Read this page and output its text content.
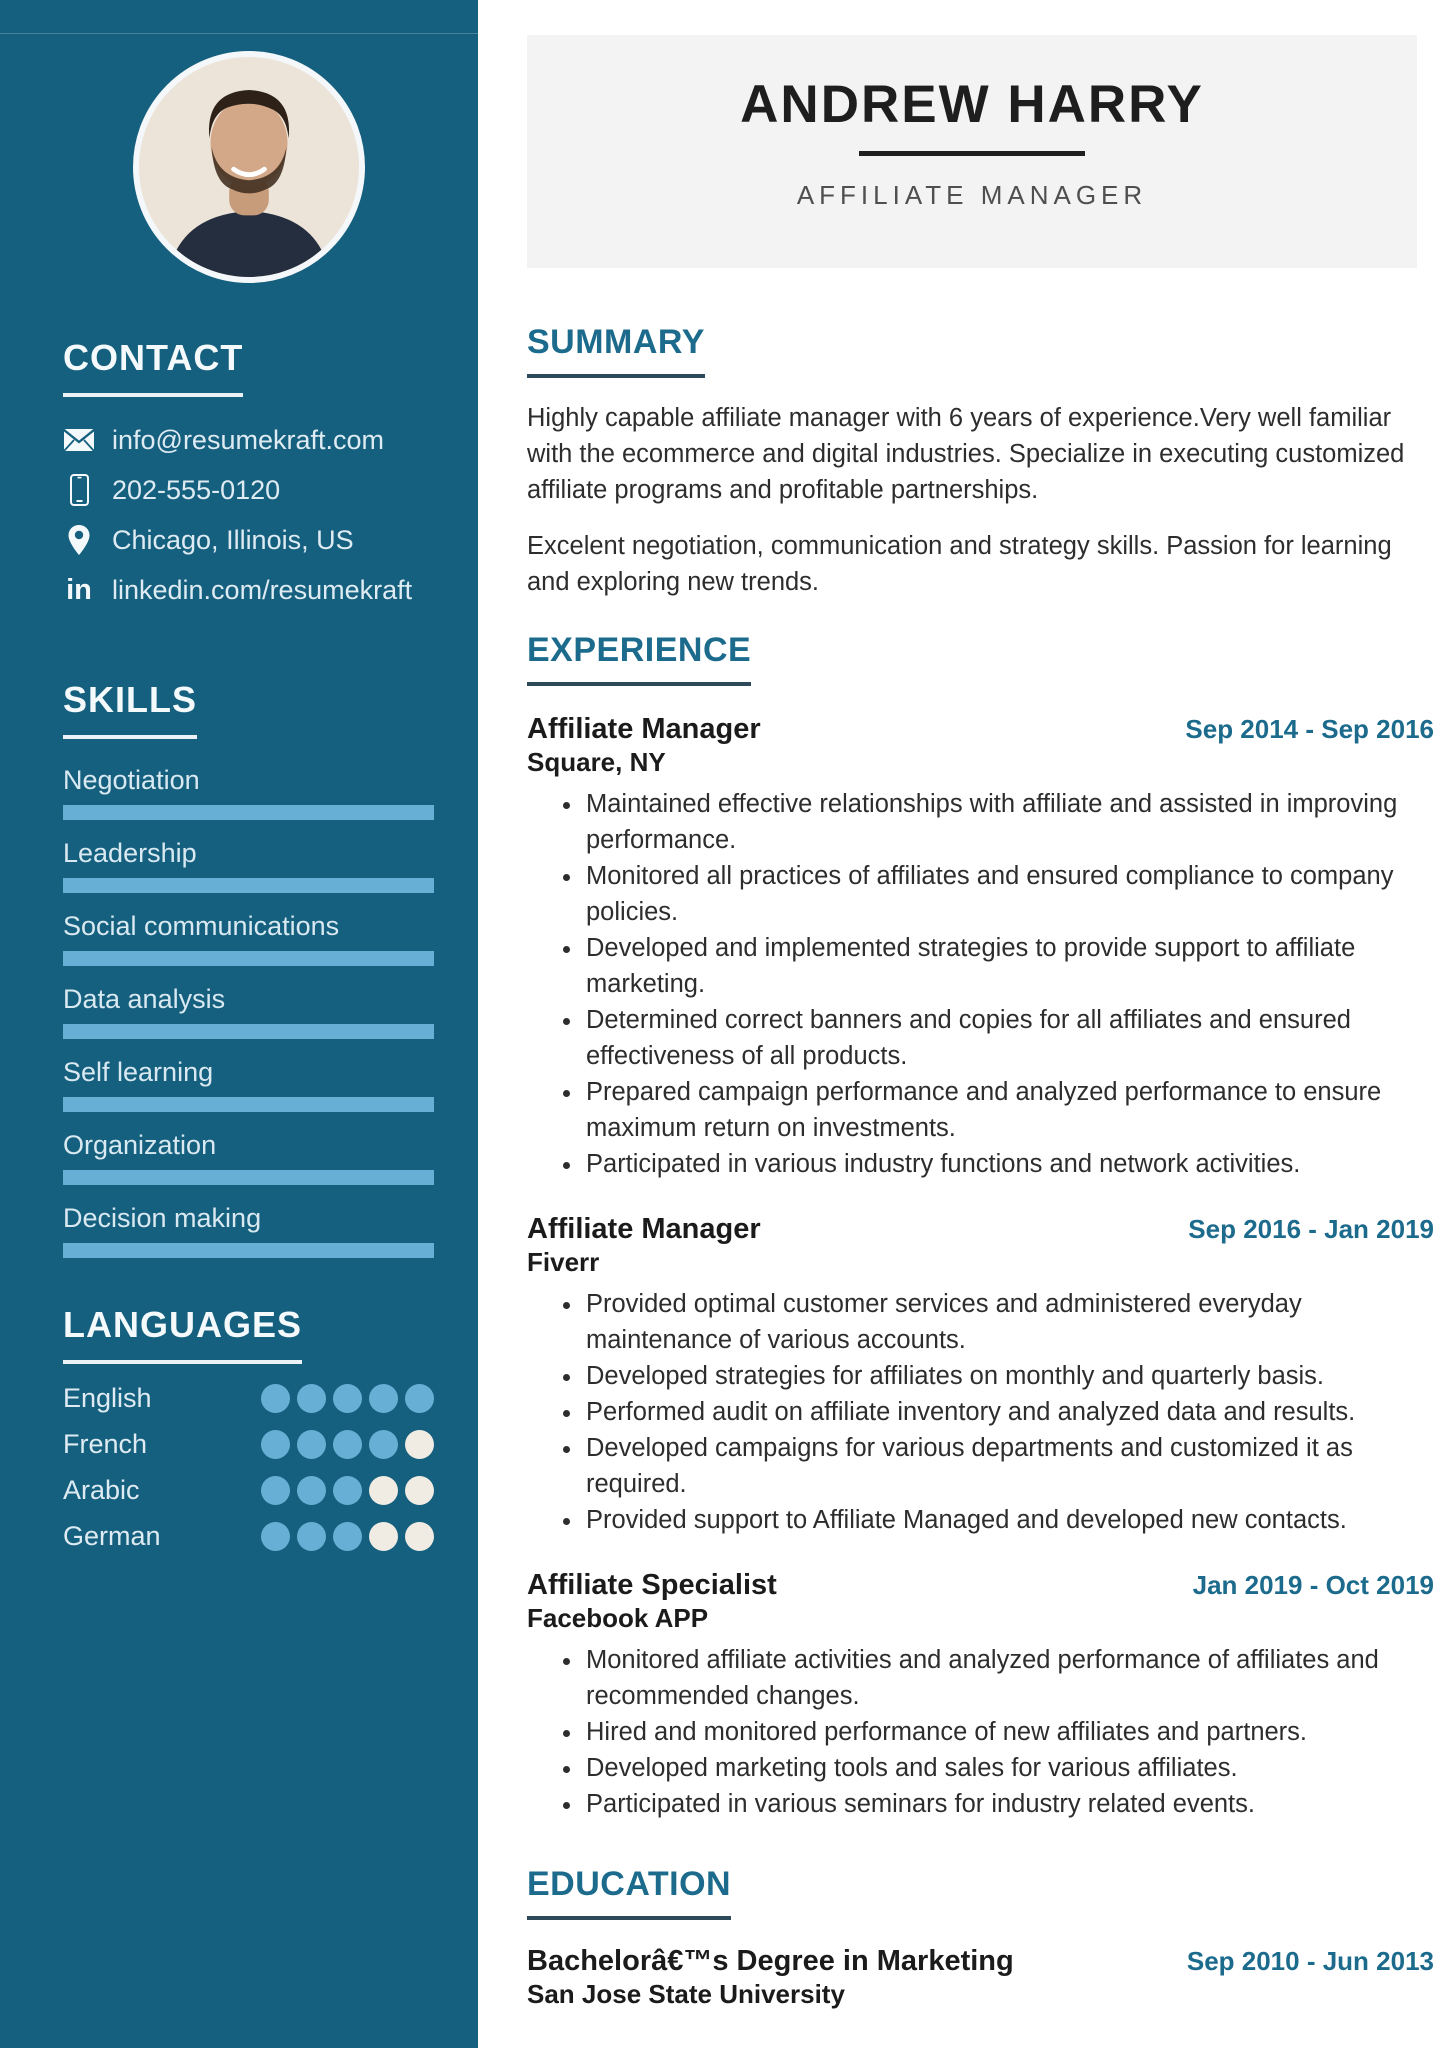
CONTACT
info@resumekraft.com
202-555-0120
Chicago, Illinois, US
in linkedin.com/resumekraft
SKILLS
Negotiation
Leadership
Social communications
Data analysis
Self learning
Organization
Decision making
LANGUAGES
English
French
Arabic
German
ANDREW HARRY
AFFILIATE MANAGER
SUMMARY

Highly capable affiliate manager with 6 years of experience.Very well familiar with the ecommerce and digital industries. Specialize in executing customized affiliate programs and profitable partnerships.

Excelent negotiation, communication and strategy skills. Passion for learning and exploring new trends.

EXPERIENCE
Affiliate Manager	Sep 2014 - Sep 2016
Square, NY
• Maintained effective relationships with affiliate and assisted in improving performance.
• Monitored all practices of affiliates and ensured compliance to company policies.
• Developed and implemented strategies to provide support to affiliate marketing.
• Determined correct banners and copies for all affiliates and ensured effectiveness of all products.
• Prepared campaign performance and analyzed performance to ensure maximum return on investments.
• Participated in various industry functions and network activities.
Affiliate Manager	Sep 2016 - Jan 2019
Fiverr
• Provided optimal customer services and administered everyday maintenance of various accounts.
• Developed strategies for affiliates on monthly and quarterly basis.
• Performed audit on affiliate inventory and analyzed data and results.
• Developed campaigns for various departments and customized it as required.
• Provided support to Affiliate Managed and developed new contacts.
Affiliate Specialist	Jan 2019 - Oct 2019
Facebook APP
• Monitored affiliate activities and analyzed performance of affiliates and recommended changes.
• Hired and monitored performance of new affiliates and partners.
• Developed marketing tools and sales for various affiliates.
• Participated in various seminars for industry related events.
EDUCATION
Bachelorâ€™s Degree in Marketing	Sep 2010 - Jun 2013
San Jose State University
